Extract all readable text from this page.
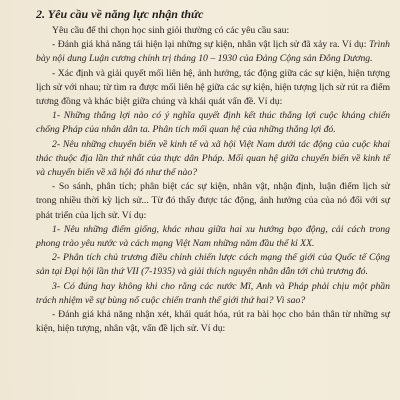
2. Yêu cầu về năng lực nhận thức

Yêu cầu để thi chọn học sinh giỏi thường có các yêu cầu sau:

- Đánh giá khả năng tái hiện lại những sự kiện, nhân vật lịch sử đã xảy ra. Ví dụ: Trình bày nội dung Luận cương chính trị tháng 10 – 1930 của Đảng Cộng sản Đông Dương.

- Xác định và giải quyết mối liên hệ, ảnh hưởng, tác động giữa các sự kiện, hiện tượng lịch sử với nhau; từ tìm ra được mối liên hệ giữa các sự kiện, hiện tượng lịch sử rút ra điểm tương đồng và khác biệt giữa chúng và khái quát vấn đề. Ví dụ:

1- Những thắng lợi nào có ý nghĩa quyết định kết thúc thắng lợi cuộc kháng chiến chống Pháp của nhân dân ta. Phân tích mối quan hệ của những thắng lợi đó.

2- Nêu những chuyển biến về kinh tế và xã hội Việt Nam dưới tác động của cuộc khai thác thuộc địa lần thứ nhất của thực dân Pháp. Mối quan hệ giữa chuyển biến về kinh tế và chuyển biến về xã hội đó như thế nào?

- So sánh, phân tích; phân biệt các sự kiện, nhân vật, nhận định, luận điểm lịch sử trong nhiều thời kỳ lịch sử... Từ đó thấy được tác động, ảnh hưởng của của nó đối với sự phát triển của lịch sử. Ví dụ:

1- Nêu những điểm giống, khác nhau giữa hai xu hướng bạo động, cải cách trong phong trào yêu nước và cách mạng Việt Nam những năm đầu thế kỉ XX.

2- Phân tích chủ trương điều chỉnh chiến lược cách mạng thế giới của Quốc tế Cộng sản tại Đại hội lần thứ VII (7-1935) và giải thích nguyên nhân dẫn tới chủ trương đó.

3- Có đúng hay không khi cho rằng các nước Mĩ, Anh và Pháp phải chịu một phần trách nhiệm về sự bùng nổ cuộc chiến tranh thế giới thứ hai? Vì sao?

- Đánh giá khả năng nhận xét, khái quát hóa, rút ra bài học cho bản thân từ những sự kiện, hiện tượng, nhân vật, vấn đề lịch sử. Ví dụ:
